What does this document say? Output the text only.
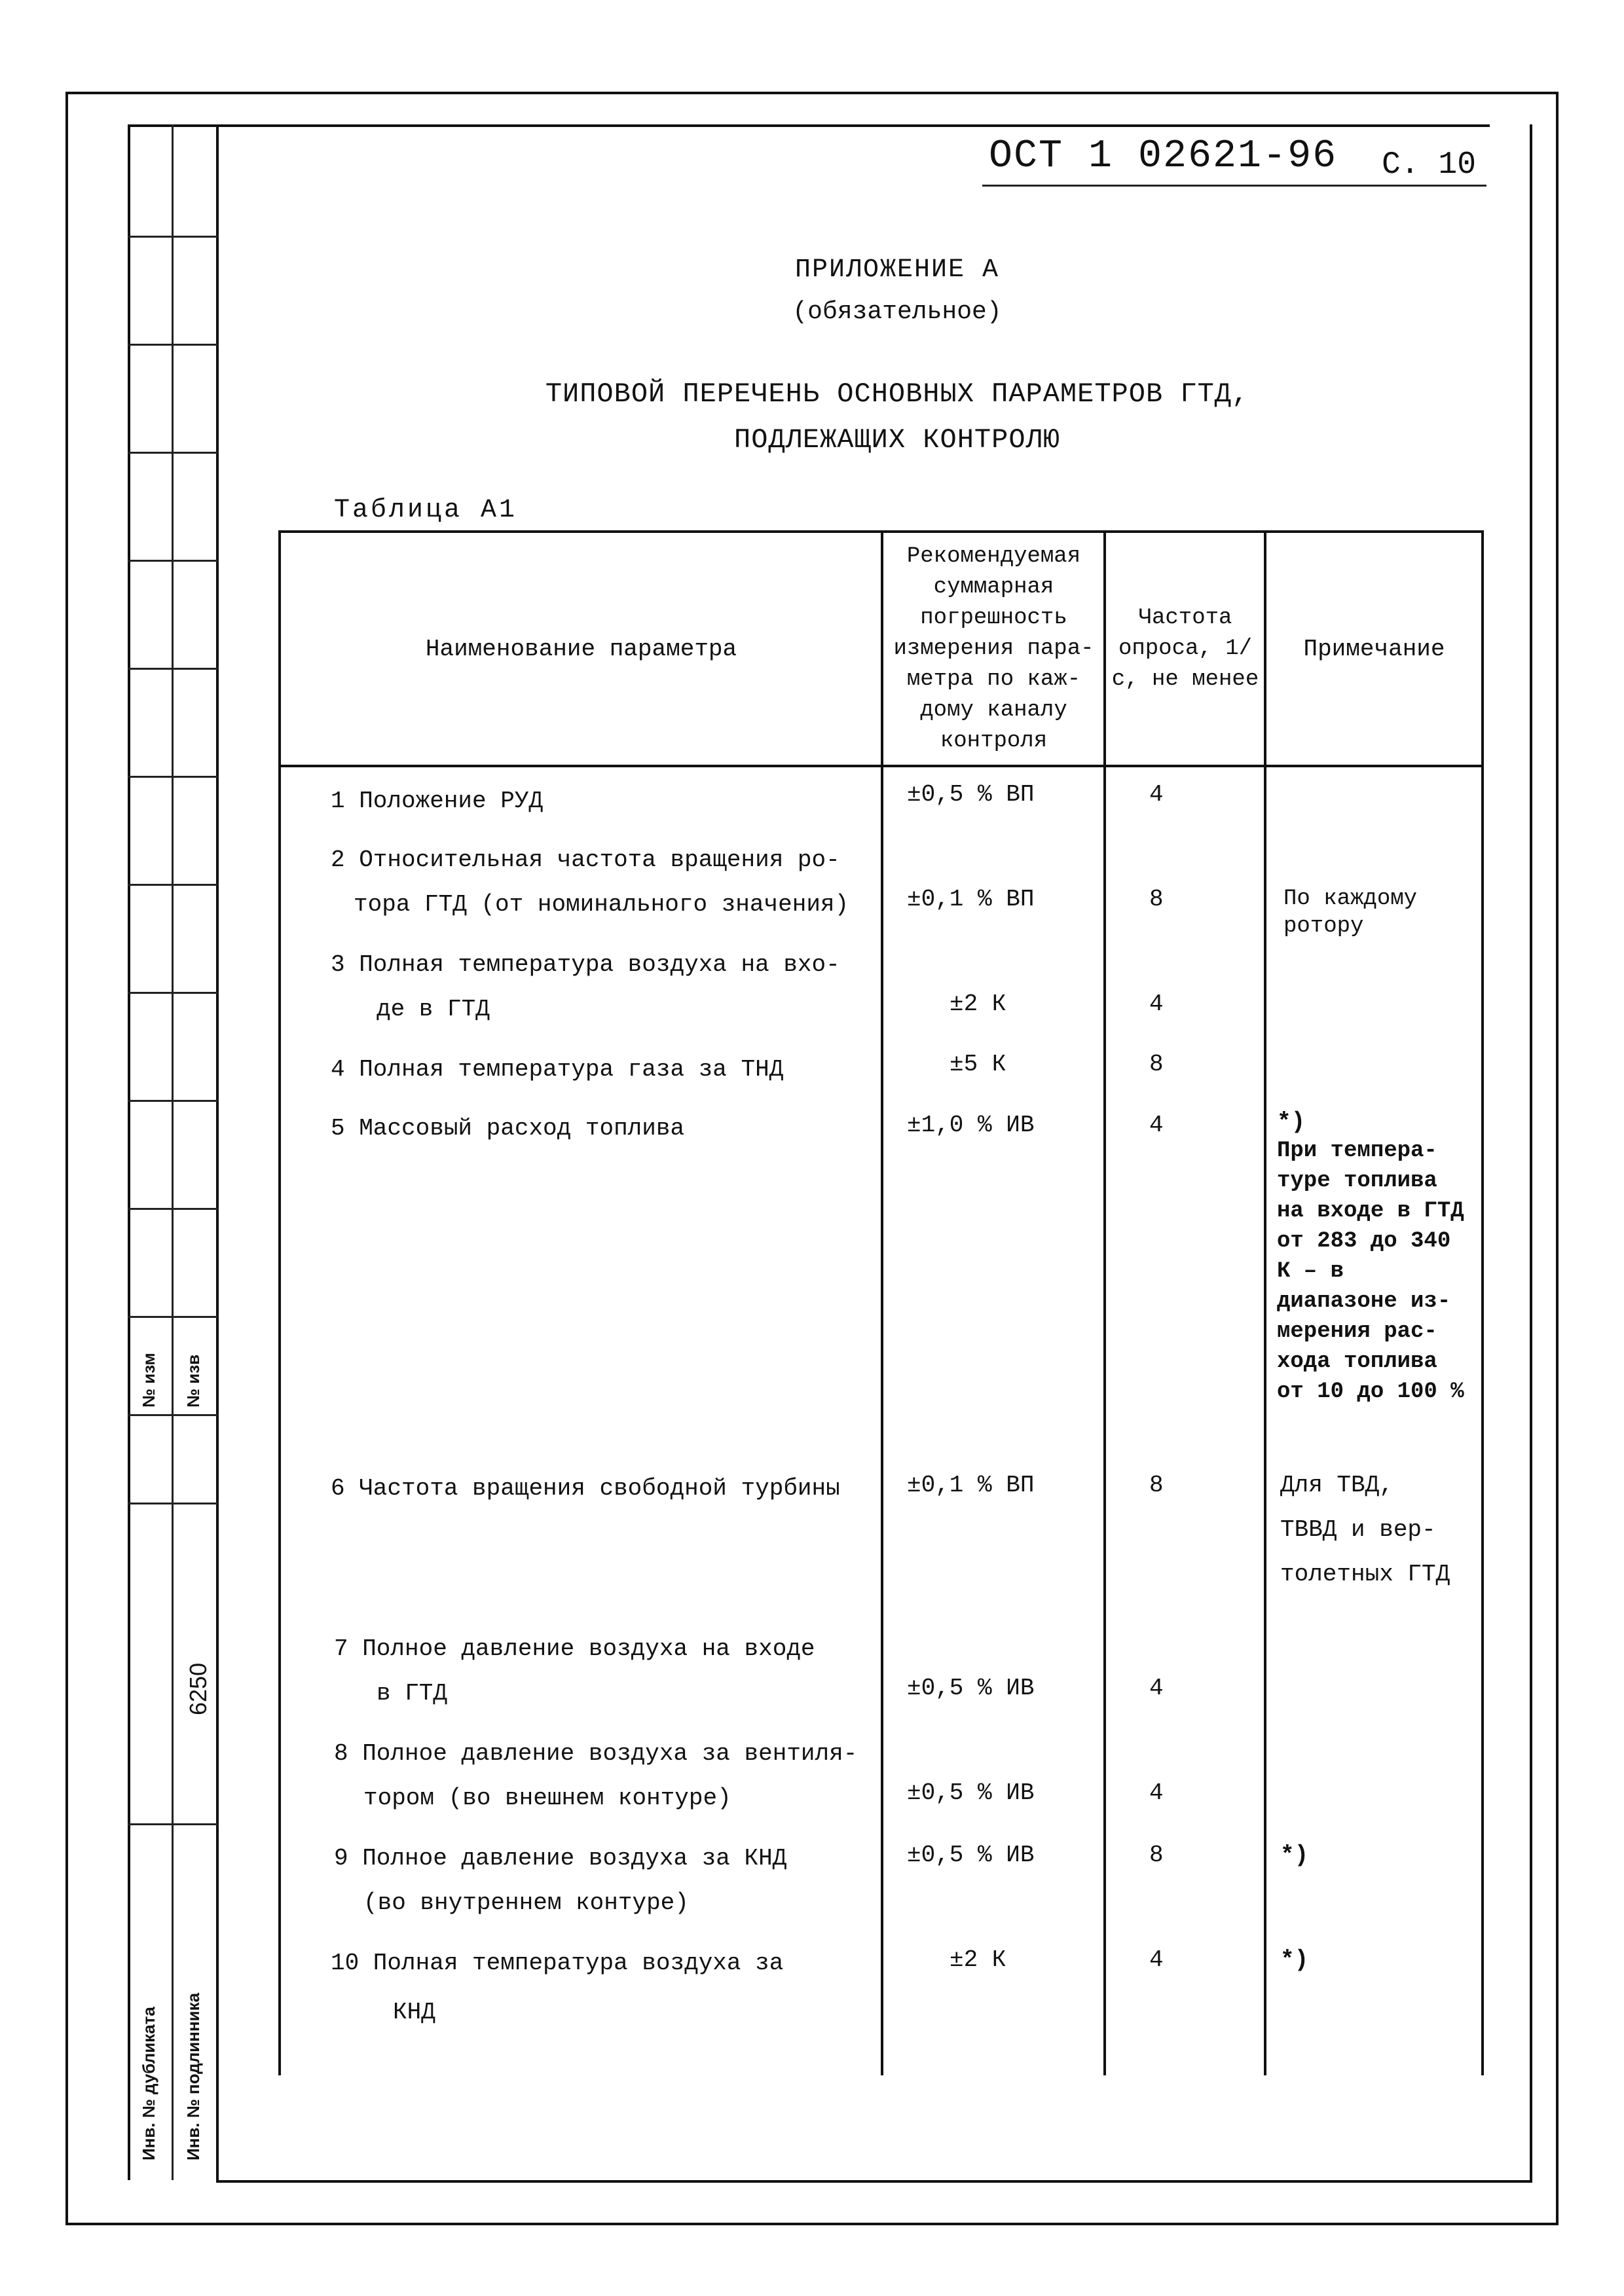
№ изм № изв
6250
Инв. № дубликата Инв. № подлинника
ОСТ 1 02621-96 С. 10
ПРИЛОЖЕНИЕ А
(обязательное)
ТИПОВОЙ ПЕРЕЧЕНЬ ОСНОВНЫХ ПАРАМЕТРОВ ГТД,
ПОДЛЕЖАЩИХ КОНТРОЛЮ
Таблица А1
Наименование параметра
Рекомендуемая суммарная погрешность измерения пара-метра по каж-дому каналу контроля
Частота опроса, 1/с, не менее
Примечание
1 Положение РУД	±0,5 % ВП	4
2 Относительная частота вращения ро-
тора ГТД (от номинального значения) ±0,1 % ВП	8	По каждому ротору
3 Полная температура воздуха на вхо-
де в ГТД	±2 К	4
4 Полная температура газа за ТНД	±5 К	8
5 Массовый расход топлива	±1,0 % ИВ	4	*)
При темпера-туре топлива на входе в ГТД от 283 до 340 К – в диапазоне из-мерения рас-хода топлива от 10 до 100 %
6 Частота вращения свободной турбины	±0,1 % ВП	8	Для ТВД,
ТВВД и вер-
толетных ГТД
7 Полное давление воздуха на входе
в ГТД	±0,5 % ИВ	4
8 Полное давление воздуха за вентиля-
тором (во внешнем контуре)	±0,5 % ИВ	4
9 Полное давление воздуха за КНД
(во внутреннем контуре)
±0,5 % ИВ	8	*)
10 Полная температура воздуха за
КНД
±2 К	4	*)
